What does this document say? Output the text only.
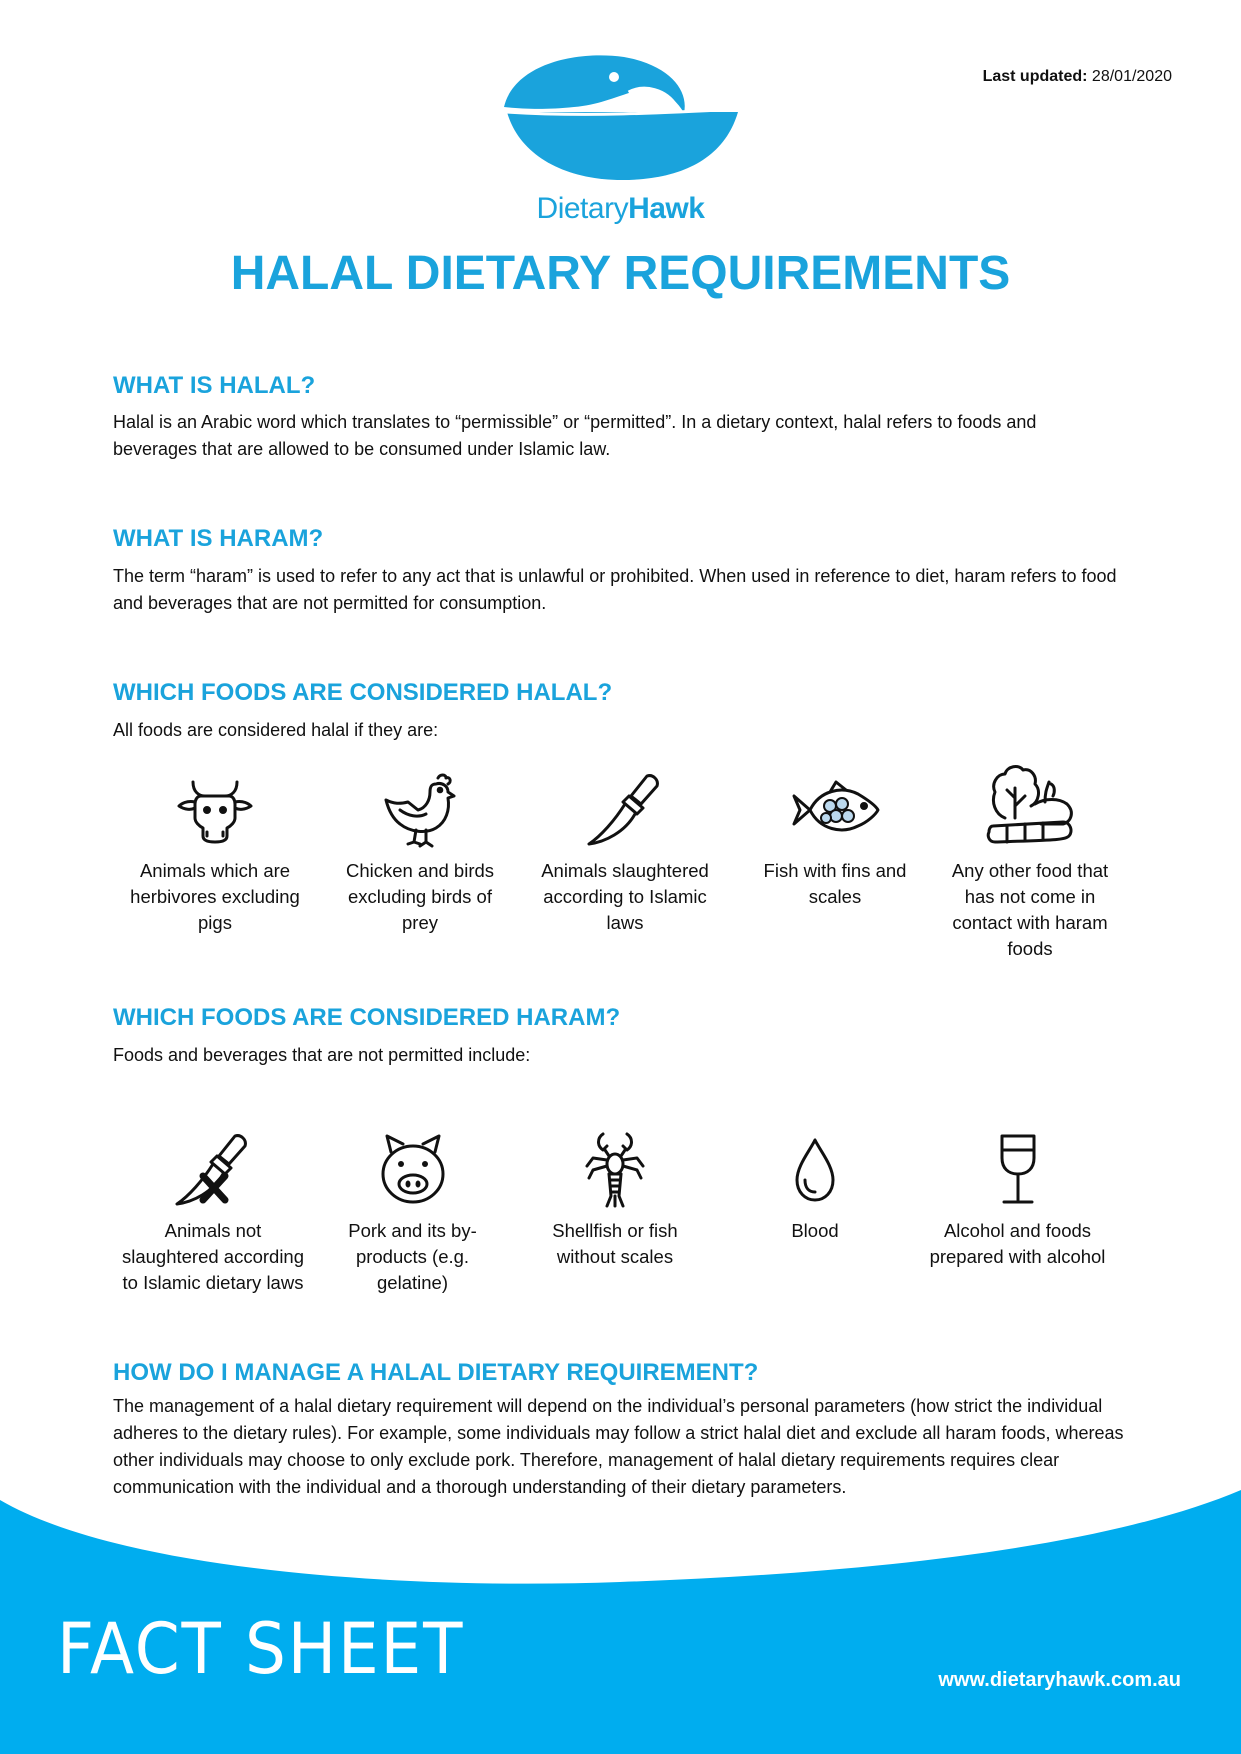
Last updated: 28/01/2020
DietaryHawk
HALAL DIETARY REQUIREMENTS
WHAT IS HALAL?

Halal is an Arabic word which translates to “permissible” or “permitted”. In a dietary context, halal refers to foods and beverages that are allowed to be consumed under Islamic law.

WHAT IS HARAM?

The term “haram” is used to refer to any act that is unlawful or prohibited. When used in reference to diet, haram refers to food and beverages that are not permitted for consumption.

WHICH FOODS ARE CONSIDERED HALAL?

All foods are considered halal if they are:

Animals which are herbivores excluding pigs
Chicken and birds excluding birds of prey
Animals slaughtered according to Islamic laws
Fish with fins and scales
Any other food that has not come in contact with haram foods
WHICH FOODS ARE CONSIDERED HARAM?

Foods and beverages that are not permitted include:

Animals not slaughtered according to Islamic dietary laws
Pork and its by-products (e.g. gelatine)
Shellfish or fish without scales
Blood	Alcohol and foods prepared with alcohol
HOW DO I MANAGE A HALAL DIETARY REQUIREMENT?

The management of a halal dietary requirement will depend on the individual’s personal parameters (how strict the individual adheres to the dietary rules). For example, some individuals may follow a strict halal diet and exclude all haram foods, whereas other individuals may choose to only exclude pork. Therefore, management of halal dietary requirements requires clear communication with the individual and a thorough understanding of their dietary parameters.

FACT SHEET	www.dietaryhawk.com.au
